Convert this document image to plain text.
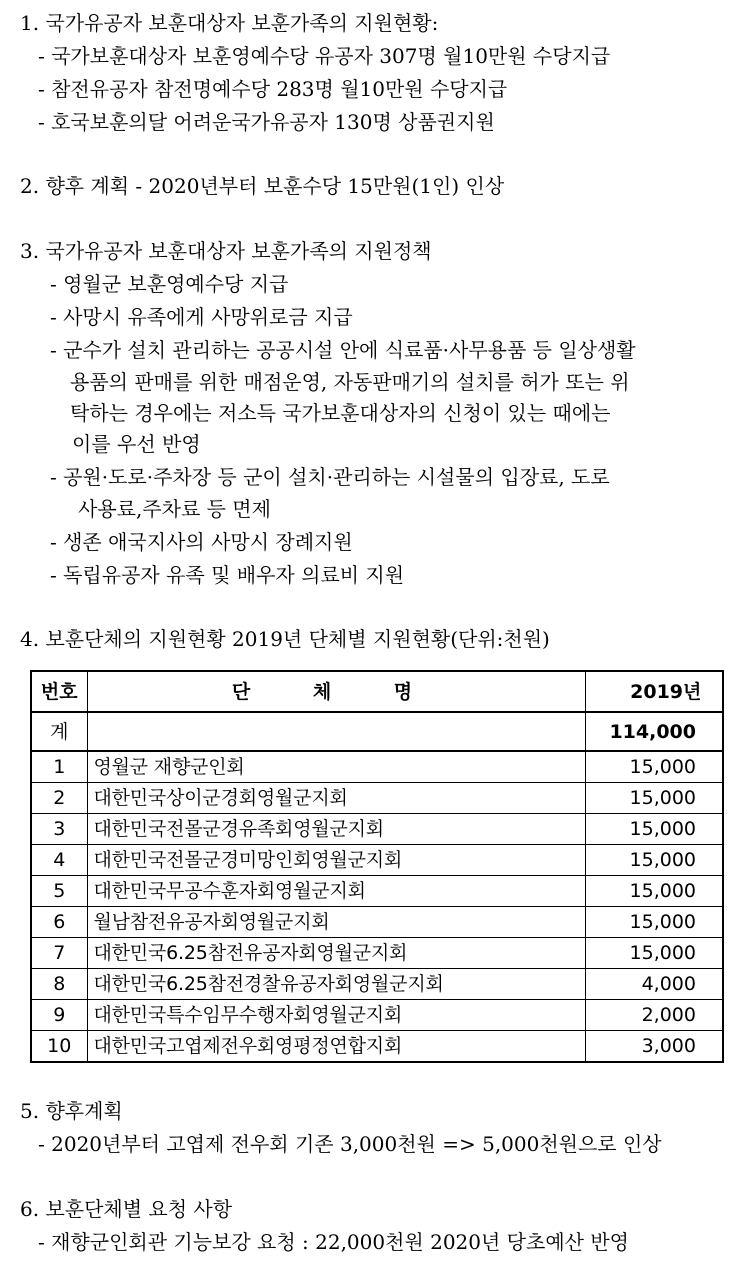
1. 국가유공자 보훈대상자 보훈가족의 지원현황:
- 국가보훈대상자 보훈영예수당 유공자 307명 월10만원 수당지급
- 참전유공자 참전명예수당 283명 월10만원 수당지급
- 호국보훈의달 어려운국가유공자 130명 상품권지원
2. 향후 계획 - 2020년부터 보훈수당 15만원(1인) 인상
3. 국가유공자 보훈대상자 보훈가족의 지원정책
- 영월군 보훈영예수당 지급
- 사망시 유족에게 사망위로금 지급
- 군수가 설치 관리하는 공공시설 안에 식료품·사무용품 등 일상생활
용품의 판매를 위한 매점운영, 자동판매기의 설치를 허가 또는 위
탁하는 경우에는 저소득 국가보훈대상자의 신청이 있는 때에는
이를 우선 반영
- 공원·도로·주차장 등 군이 설치·관리하는 시설물의 입장료, 도로
사용료,주차료 등 면제
- 생존 애국지사의 사망시 장례지원
- 독립유공자 유족 및 배우자 의료비 지원
4. 보훈단체의 지원현황 2019년 단체별 지원현황(단위:천원)
번호	단 체 명	2019년
계		114,000
1	영월군 재향군인회	15,000
2	대한민국상이군경회영월군지회	15,000
3	대한민국전몰군경유족회영월군지회	15,000
4	대한민국전몰군경미망인회영월군지회	15,000
5	대한민국무공수훈자회영월군지회	15,000
6	월남참전유공자회영월군지회	15,000
7	대한민국6.25참전유공자회영월군지회	15,000
8	대한민국6.25참전경찰유공자회영월군지회	4,000
9	대한민국특수임무수행자회영월군지회	2,000
10	대한민국고엽제전우회영평정연합지회	3,000
5. 향후계획
- 2020년부터 고엽제 전우회 기존 3,000천원 => 5,000천원으로 인상
6. 보훈단체별 요청 사항
- 재향군인회관 기능보강 요청 : 22,000천원 2020년 당초예산 반영
